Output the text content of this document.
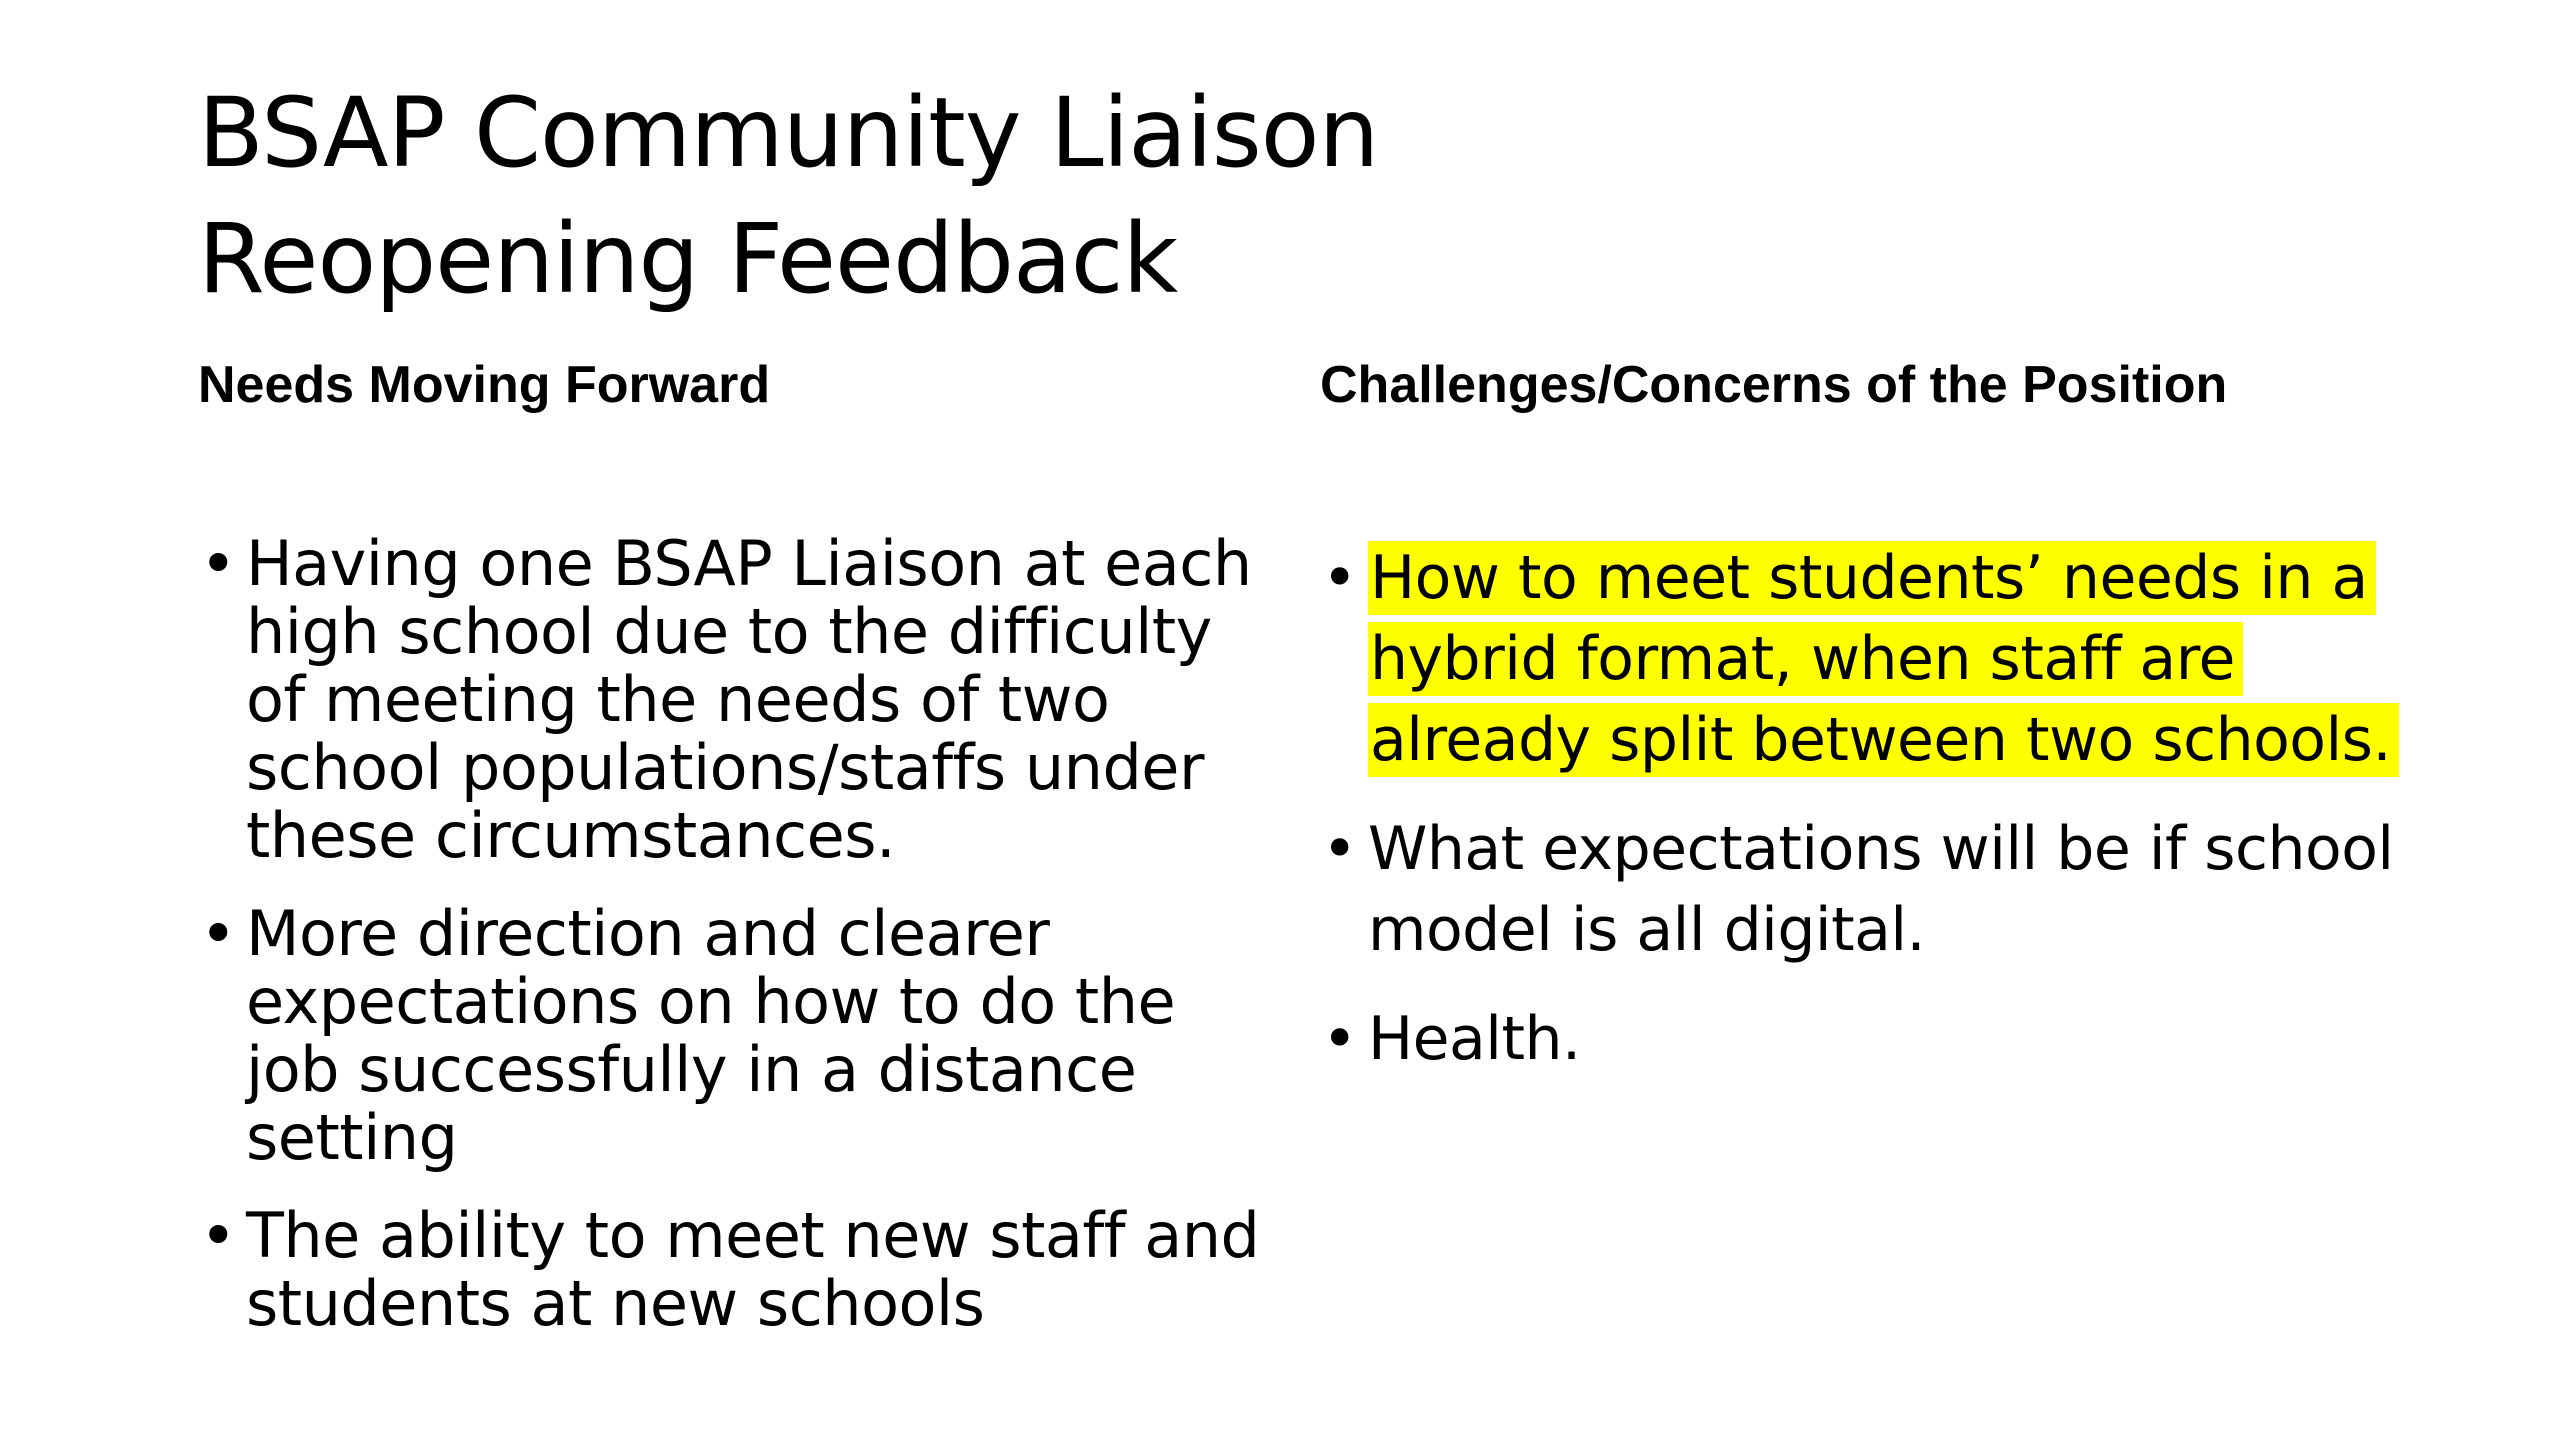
BSAP Community Liaison
Reopening Feedback
Needs Moving Forward	Challenges/Concerns of the Position
• Having one BSAP Liaison at each high school due to the difficulty of meeting the needs of two school populations/staffs under these circumstances.
• More direction and clearer expectations on how to do the job successfully in a distance setting
• The ability to meet new staff and students at new schools
• How to meet students’ needs in a hybrid format, when staff are already split between two schools.
• What expectations will be if school model is all digital.
• Health.
